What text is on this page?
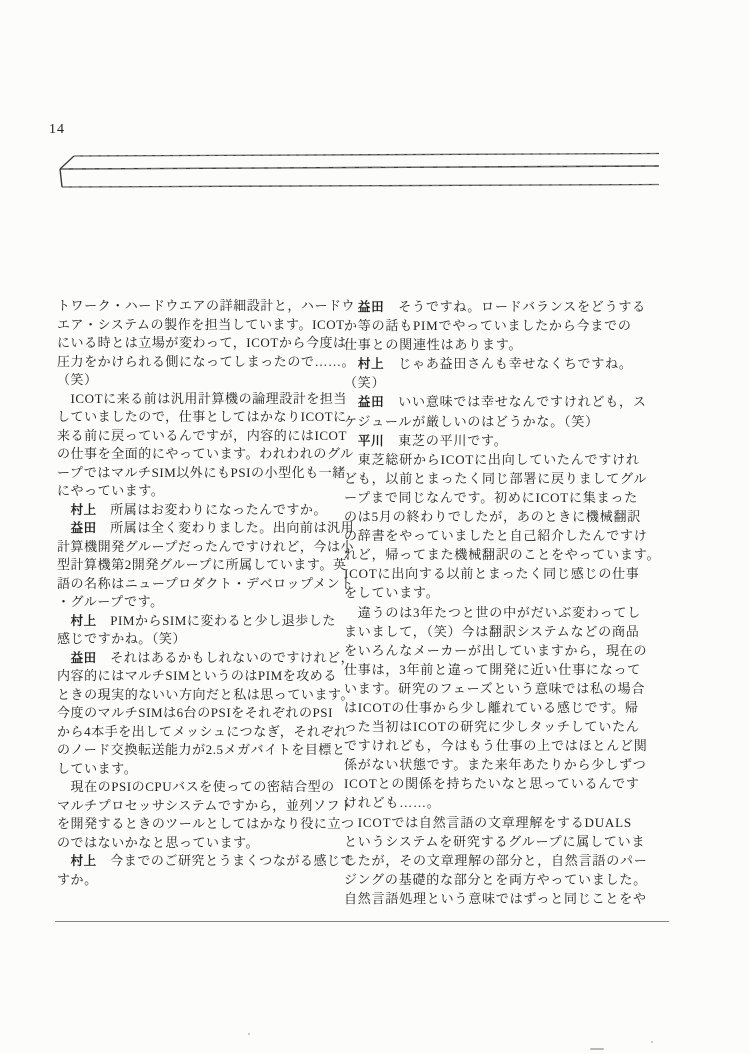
14
トワーク・ハードウエアの詳細設計と，ハードウ
エア・システムの製作を担当しています。ICOT
にいる時とは立場が変わって，ICOTから今度は
圧力をかけられる側になってしまったので……。
（笑）
　ICOTに来る前は汎用計算機の論理設計を担当
していましたので，仕事としてはかなりICOTに
来る前に戻っているんですが，内容的にはICOT
の仕事を全面的にやっています。われわれのグル
ープではマルチSIM以外にもPSIの小型化も一緒
にやっています。
　村上　所属はお変わりになったんですか。
　益田　所属は全く変わりました。出向前は汎用
計算機開発グループだったんですけれど，今は小
型計算機第2開発グループに所属しています。英
語の名称はニュープロダクト・デベロップメント
・グループです。
　村上　PIMからSIMに変わると少し退歩した
感じですかね。（笑）
　益田　それはあるかもしれないのですけれど，
内容的にはマルチSIMというのはPIMを攻める
ときの現実的ないい方向だと私は思っています。
今度のマルチSIMは6台のPSIをそれぞれのPSI
から4本手を出してメッシュにつなぎ，それぞれ
のノード交換転送能力が2.5メガバイトを目標と
しています。
　現在のPSIのCPUバスを使っての密結合型の
マルチプロセッサシステムですから，並列ソフト
を開発するときのツールとしてはかなり役に立つ
のではないかなと思っています。
　村上　今までのご研究とうまくつながる感じで
すか。
　益田　そうですね。ロードバランスをどうする
か等の話もPIMでやっていましたから今までの
仕事との関連性はあります。
　村上　じゃあ益田さんも幸せなくちですね。
（笑）
　益田　いい意味では幸せなんですけれども，ス
ケジュールが厳しいのはどうかな。（笑）
　平川　東芝の平川です。
　東芝総研からICOTに出向していたんですけれ
ども，以前とまったく同じ部署に戻りましてグル
ープまで同じなんです。初めにICOTに集まった
のは5月の終わりでしたが，あのときに機械翻訳
の辞書をやっていましたと自己紹介したんですけ
れど，帰ってまた機械翻訳のことをやっています。
ICOTに出向する以前とまったく同じ感じの仕事
をしています。
　違うのは3年たつと世の中がだいぶ変わってし
まいまして，（笑）今は翻訳システムなどの商品
をいろんなメーカーが出していますから，現在の
仕事は，3年前と違って開発に近い仕事になって
います。研究のフェーズという意味では私の場合
はICOTの仕事から少し離れている感じです。帰
った当初はICOTの研究に少しタッチしていたん
ですけれども，今はもう仕事の上ではほとんど関
係がない状態です。また来年あたりから少しずつ
ICOTとの関係を持ちたいなと思っているんです
けれども……。
　ICOTでは自然言語の文章理解をするDUALS
というシステムを研究するグループに属していま
したが，その文章理解の部分と，自然言語のパー
ジングの基礎的な部分とを両方やっていました。
自然言語処理という意味ではずっと同じことをや
